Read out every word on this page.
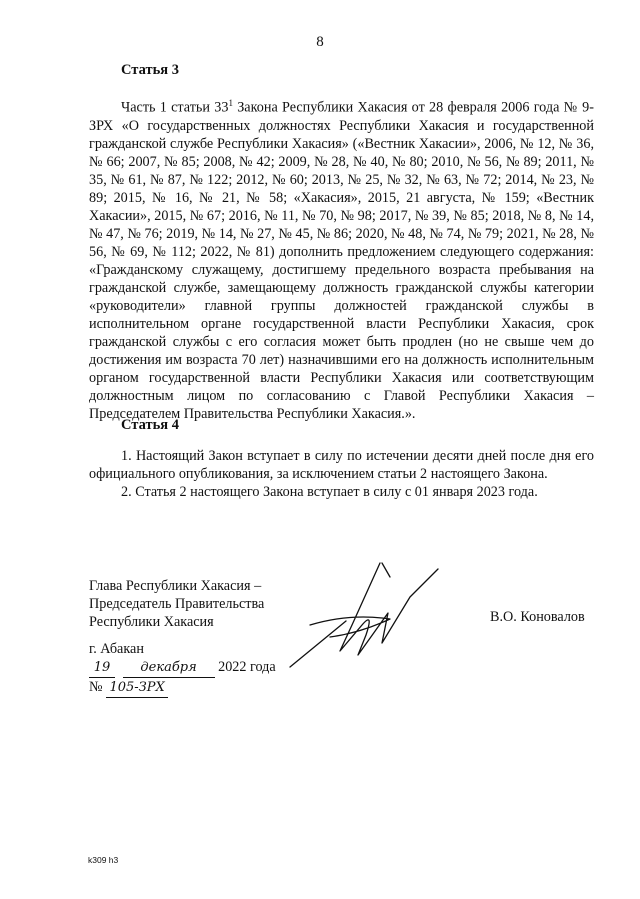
8
Статья 3
Часть 1 статьи $33^1$ Закона Республики Хакасия от 28 февраля 2006 года № 9-ЗРХ «О государственных должностях Республики Хакасия и государственной гражданской службе Республики Хакасия» («Вестник Хакасии», 2006, № 12, № 36, № 66; 2007, № 85; 2008, № 42; 2009, № 28, № 40, № 80; 2010, № 56, № 89; 2011, № 35, № 61, № 87, № 122; 2012, № 60; 2013, № 25, № 32, № 63, № 72; 2014, № 23, № 89; 2015, № 16, № 21, № 58; «Хакасия», 2015, 21 августа, № 159; «Вестник Хакасии», 2015, № 67; 2016, № 11, № 70, № 98; 2017, № 39, № 85; 2018, № 8, № 14, № 47, № 76; 2019, № 14, № 27, № 45, № 86; 2020, № 48, № 74, № 79; 2021, № 28, № 56, № 69, № 112; 2022, № 81) дополнить предложением следующего содержания: «Гражданскому служащему, достигшему предельного возраста пребывания на гражданской службе, замещающему должность гражданской службы категории «руководители» главной группы должностей гражданской службы в исполнительном органе государственной власти Республики Хакасия, срок гражданской службы с его согласия может быть продлен (но не свыше чем до достижения им возраста 70 лет) назначившими его на должность исполнительным органом государственной власти Республики Хакасия или соответствующим должностным лицом по согласованию с Главой Республики Хакасия – Председателем Правительства Республики Хакасия.».
Статья 4

1. Настоящий Закон вступает в силу по истечении десяти дней после дня его официального опубликования, за исключением статьи 2 настоящего Закона.

2. Статья 2 настоящего Закона вступает в силу с 01 января 2023 года.

Глава Республики Хакасия –
Председатель Правительства
Республики Хакасия	В.О. Коновалов
г. Абакан
19 декабря 2022 года
№ 105-ЗРХ
k309 h3
